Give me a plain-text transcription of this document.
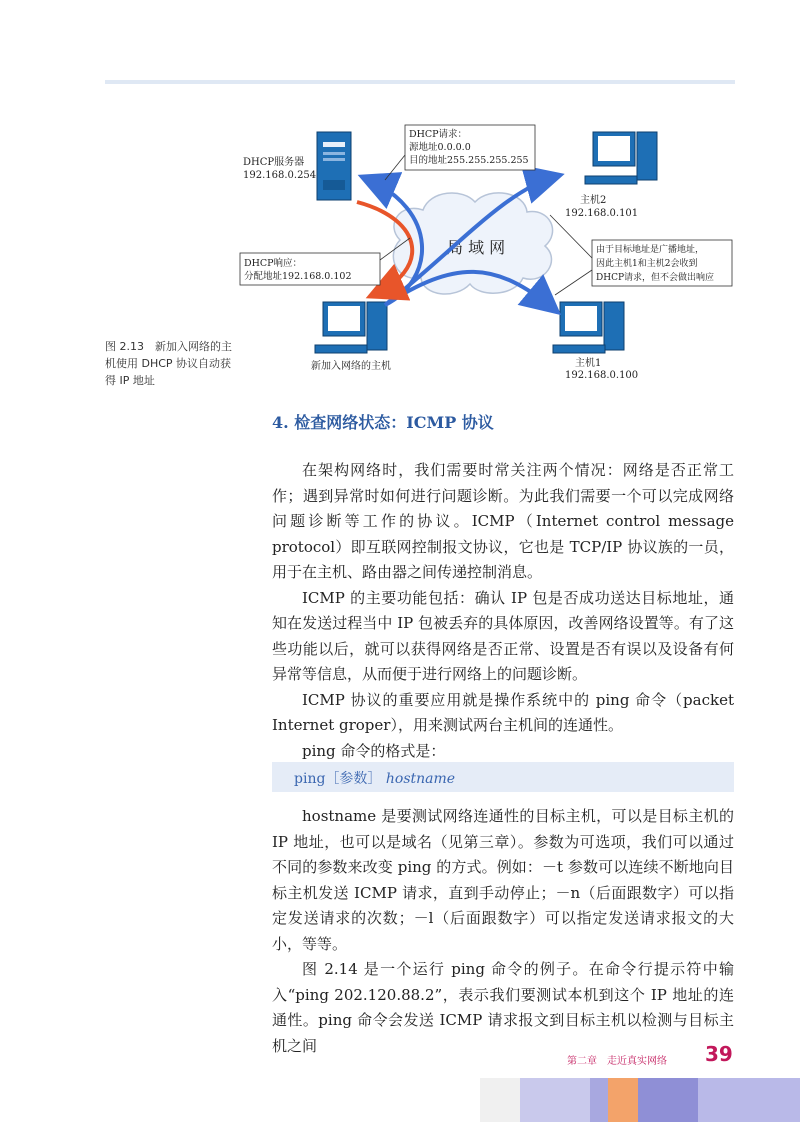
局 域 网
DHCP服务器
192.168.0.254
主机2
192.168.0.101
主机1
192.168.0.100
新加入网络的主机
DHCP请求：
源地址0.0.0.0
目的地址255.255.255.255
DHCP响应：
分配地址192.168.0.102
由于目标地址是广播地址，
因此主机1和主机2会收到
DHCP请求，但不会做出响应
图 2.13　新加入网络的主机使用 DHCP 协议自动获得 IP 地址
4. 检查网络状态：ICMP 协议

在架构网络时，我们需要时常关注两个情况：网络是否正常工作；遇到异常时如何进行问题诊断。为此我们需要一个可以完成网络问题诊断等工作的协议。ICMP（Internet control message protocol）即互联网控制报文协议，它也是 TCP/IP 协议族的一员，用于在主机、路由器之间传递控制消息。

ICMP 的主要功能包括：确认 IP 包是否成功送达目标地址，通知在发送过程当中 IP 包被丢弃的具体原因，改善网络设置等。有了这些功能以后，就可以获得网络是否正常、设置是否有误以及设备有何异常等信息，从而便于进行网络上的问题诊断。

ICMP 协议的重要应用就是操作系统中的 ping 命令（packet Internet groper），用来测试两台主机间的连通性。

ping 命令的格式是：

ping［参数］ hostname

hostname 是要测试网络连通性的目标主机，可以是目标主机的 IP 地址，也可以是域名（见第三章）。参数为可选项，我们可以通过不同的参数来改变 ping 的方式。例如：－t 参数可以连续不断地向目标主机发送 ICMP 请求，直到手动停止；－n（后面跟数字）可以指定发送请求的次数；－l（后面跟数字）可以指定发送请求报文的大小，等等。

图 2.14 是一个运行 ping 命令的例子。在命令行提示符中输入“ping 202.120.88.2”，表示我们要测试本机到这个 IP 地址的连通性。ping 命令会发送 ICMP 请求报文到目标主机以检测与目标主机之间

第二章　走近真实网络 39
